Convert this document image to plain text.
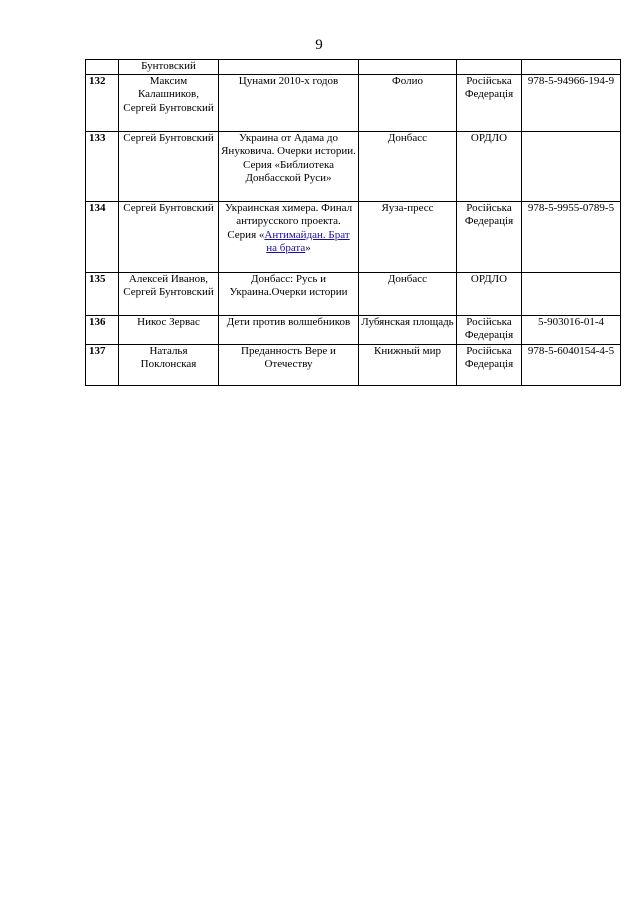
9
	Бунтовский				
132	Максим Калашников, Сергей Бунтовский	Цунами 2010-х годов	Фолио	Російська Федерація	978-5-94966-194-9
133	Сергей Бунтовский	Украина от Адама до Януковича. Очерки истории. Серия «Библиотека Донбасской Руси»	Донбасс	ОРДЛО	
134	Сергей Бунтовский	Украинская химера. Финал антирусского проекта. Серия «Антимайдан. Брат на брата»	Яуза-пресс	Російська Федерація	978-5-9955-0789-5
135	Алексей Иванов, Сергей Бунтовский	Донбасс: Русь и Украина.Очерки истории	Донбасс	ОРДЛО	
136	Никос Зервас	Дети против волшебников	Лубянская площадь	Російська Федерація	5-903016-01-4
137	Наталья Поклонская	Преданность Вере и Отечеству	Книжный мир	Російська Федерація	978-5-6040154-4-5
